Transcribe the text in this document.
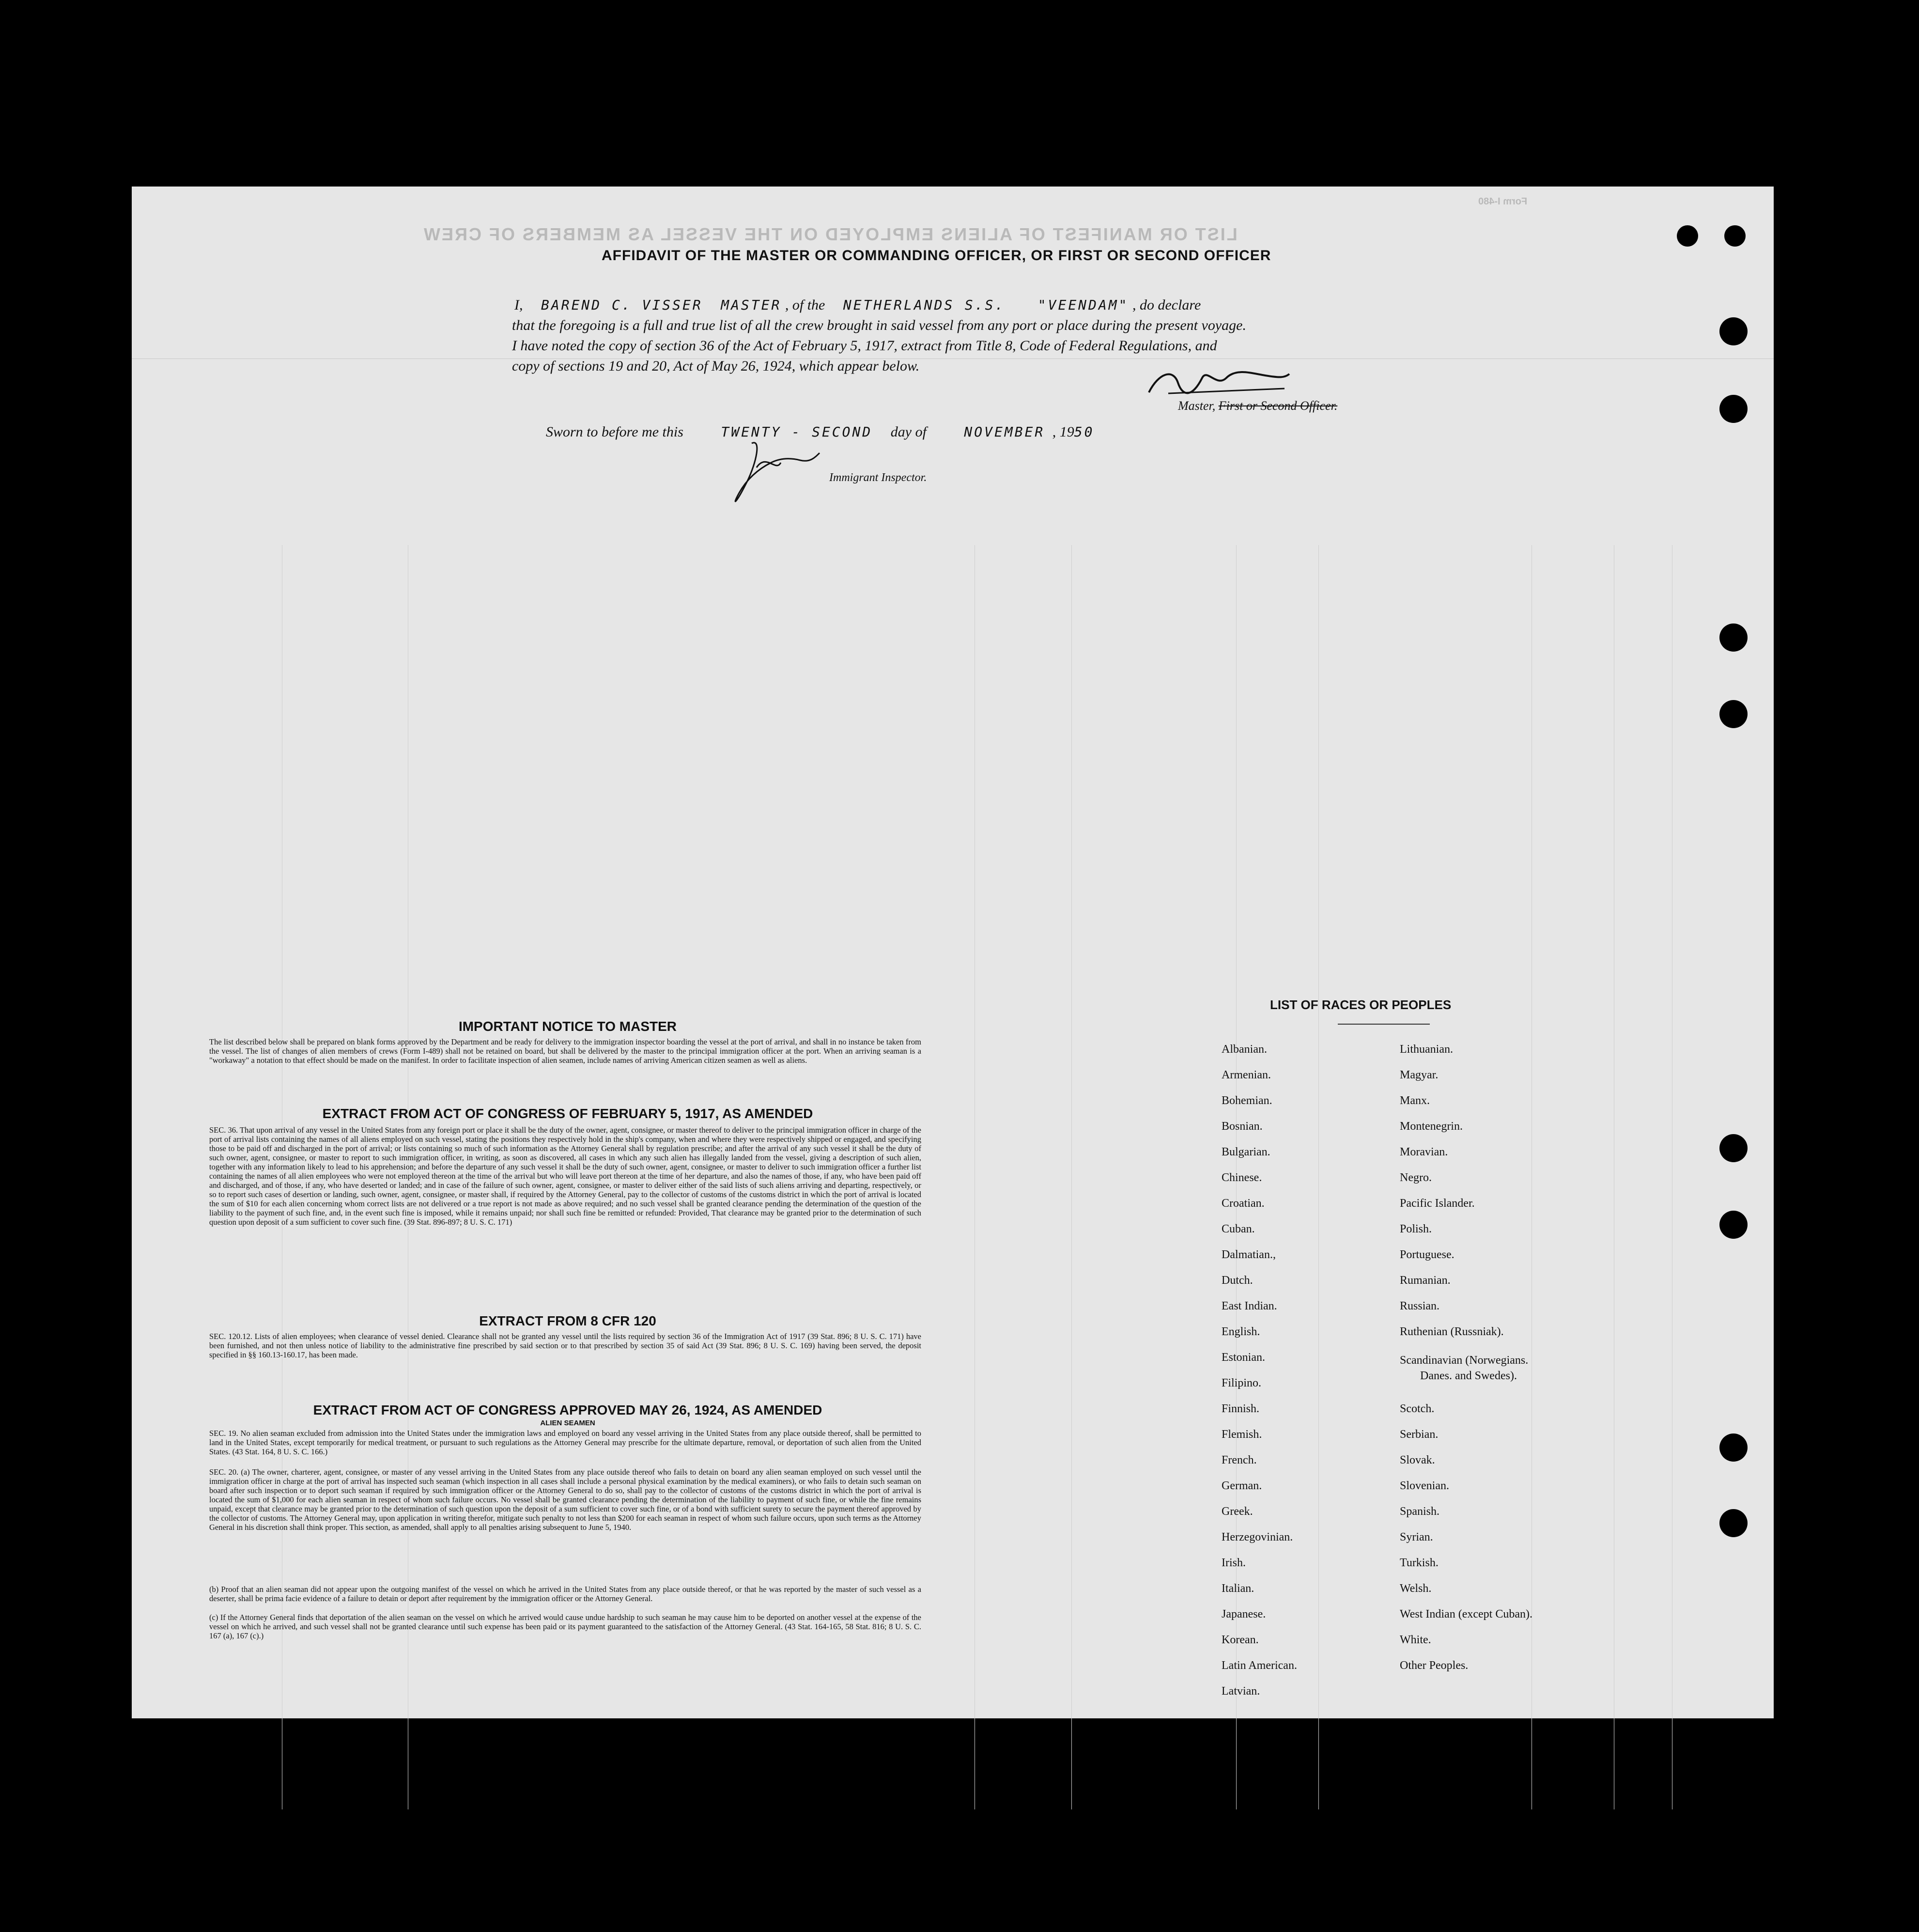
LIST OR MANIFEST OF ALIENS EMPLOYED ON THE VESSEL AS MEMBERS OF CREW
Form I-480
AFFIDAVIT OF THE MASTER OR COMMANDING OFFICER, OR FIRST OR SECOND OFFICER
I, BAREND C. VISSER MASTER , of the NETHERLANDS S.S. "VEENDAM" , do declare
that the foregoing is a full and true list of all the crew brought in said vessel from any port or place during the present voyage.
I have noted the copy of section 36 of the Act of February 5, 1917, extract from Title 8, Code of Federal Regulations, and
copy of sections 19 and 20, Act of May 26, 1924, which appear below.
Master, First or Second Officer.
Sworn to before me this	TWENTY - SECOND day of	NOVEMBER , 1950
Immigrant Inspector.
IMPORTANT NOTICE TO MASTER
The list described below shall be prepared on blank forms approved by the Department and be ready for delivery to the immigration inspector boarding the vessel at the port of arrival, and shall in no instance be taken from the vessel. The list of changes of alien members of crews (Form I-489) shall not be retained on board, but shall be delivered by the master to the principal immigration officer at the port. When an arriving seaman is a "workaway" a notation to that effect should be made on the manifest. In order to facilitate inspection of alien seamen, include names of arriving American citizen seamen as well as aliens.
EXTRACT FROM ACT OF CONGRESS OF FEBRUARY 5, 1917, AS AMENDED
SEC. 36. That upon arrival of any vessel in the United States from any foreign port or place it shall be the duty of the owner, agent, consignee, or master thereof to deliver to the principal immigration officer in charge of the port of arrival lists containing the names of all aliens employed on such vessel, stating the positions they respectively hold in the ship's company, when and where they were respectively shipped or engaged, and specifying those to be paid off and discharged in the port of arrival; or lists containing so much of such information as the Attorney General shall by regulation prescribe; and after the arrival of any such vessel it shall be the duty of such owner, agent, consignee, or master to report to such immigration officer, in writing, as soon as discovered, all cases in which any such alien has illegally landed from the vessel, giving a description of such alien, together with any information likely to lead to his apprehension; and before the departure of any such vessel it shall be the duty of such owner, agent, consignee, or master to deliver to such immigration officer a further list containing the names of all alien employees who were not employed thereon at the time of the arrival but who will leave port thereon at the time of her departure, and also the names of those, if any, who have been paid off and discharged, and of those, if any, who have deserted or landed; and in case of the failure of such owner, agent, consignee, or master to deliver either of the said lists of such aliens arriving and departing, respectively, or so to report such cases of desertion or landing, such owner, agent, consignee, or master shall, if required by the Attorney General, pay to the collector of customs of the customs district in which the port of arrival is located the sum of $10 for each alien concerning whom correct lists are not delivered or a true report is not made as above required; and no such vessel shall be granted clearance pending the determination of the question of the liability to the payment of such fine, and, in the event such fine is imposed, while it remains unpaid; nor shall such fine be remitted or refunded: Provided, That clearance may be granted prior to the determination of such question upon deposit of a sum sufficient to cover such fine. (39 Stat. 896-897; 8 U. S. C. 171)
EXTRACT FROM 8 CFR 120
SEC. 120.12. Lists of alien employees; when clearance of vessel denied. Clearance shall not be granted any vessel until the lists required by section 36 of the Immigration Act of 1917 (39 Stat. 896; 8 U. S. C. 171) have been furnished, and not then unless notice of liability to the administrative fine prescribed by said section or to that prescribed by section 35 of said Act (39 Stat. 896; 8 U. S. C. 169) having been served, the deposit specified in §§ 160.13-160.17, has been made.
EXTRACT FROM ACT OF CONGRESS APPROVED MAY 26, 1924, AS AMENDED
ALIEN SEAMEN
SEC. 19. No alien seaman excluded from admission into the United States under the immigration laws and employed on board any vessel arriving in the United States from any place outside thereof, shall be permitted to land in the United States, except temporarily for medical treatment, or pursuant to such regulations as the Attorney General may prescribe for the ultimate departure, removal, or deportation of such alien from the United States. (43 Stat. 164, 8 U. S. C. 166.)
SEC. 20. (a) The owner, charterer, agent, consignee, or master of any vessel arriving in the United States from any place outside thereof who fails to detain on board any alien seaman employed on such vessel until the immigration officer in charge at the port of arrival has inspected such seaman (which inspection in all cases shall include a personal physical examination by the medical examiners), or who fails to detain such seaman on board after such inspection or to deport such seaman if required by such immigration officer or the Attorney General to do so, shall pay to the collector of customs of the customs district in which the port of arrival is located the sum of $1,000 for each alien seaman in respect of whom such failure occurs. No vessel shall be granted clearance pending the determination of the liability to payment of such fine, or while the fine remains unpaid, except that clearance may be granted prior to the determination of such question upon the deposit of a sum sufficient to cover such fine, or of a bond with sufficient surety to secure the payment thereof approved by the collector of customs. The Attorney General may, upon application in writing therefor, mitigate such penalty to not less than $200 for each seaman in respect of whom such failure occurs, upon such terms as the Attorney General in his discretion shall think proper. This section, as amended, shall apply to all penalties arising subsequent to June 5, 1940.
(b) Proof that an alien seaman did not appear upon the outgoing manifest of the vessel on which he arrived in the United States from any place outside thereof, or that he was reported by the master of such vessel as a deserter, shall be prima facie evidence of a failure to detain or deport after requirement by the immigration officer or the Attorney General.
(c) If the Attorney General finds that deportation of the alien seaman on the vessel on which he arrived would cause undue hardship to such seaman he may cause him to be deported on another vessel at the expense of the vessel on which he arrived, and such vessel shall not be granted clearance until such expense has been paid or its payment guaranteed to the satisfaction of the Attorney General. (43 Stat. 164-165, 58 Stat. 816; 8 U. S. C. 167 (a), 167 (c).)
LIST OF RACES OR PEOPLES
Albanian.
Armenian.
Bohemian.
Bosnian.
Bulgarian.
Chinese.
Croatian.
Cuban.
Dalmatian.,
Dutch.
East Indian.
English.
Estonian.
Filipino.
Finnish.
Flemish.
French.
German.
Greek.
Herzegovinian.
Irish.
Italian.
Japanese.
Korean.
Latin American.
Latvian.
Lithuanian.
Magyar.
Manx.
Montenegrin.
Moravian.
Negro.
Pacific Islander.
Polish.
Portuguese.
Rumanian.
Russian.
Ruthenian (Russniak).
Scandinavian (Norwegians.
Danes. and Swedes).
Scotch.
Serbian.
Slovak.
Slovenian.
Spanish.
Syrian.
Turkish.
Welsh.
West Indian (except Cuban).
White.
Other Peoples.
